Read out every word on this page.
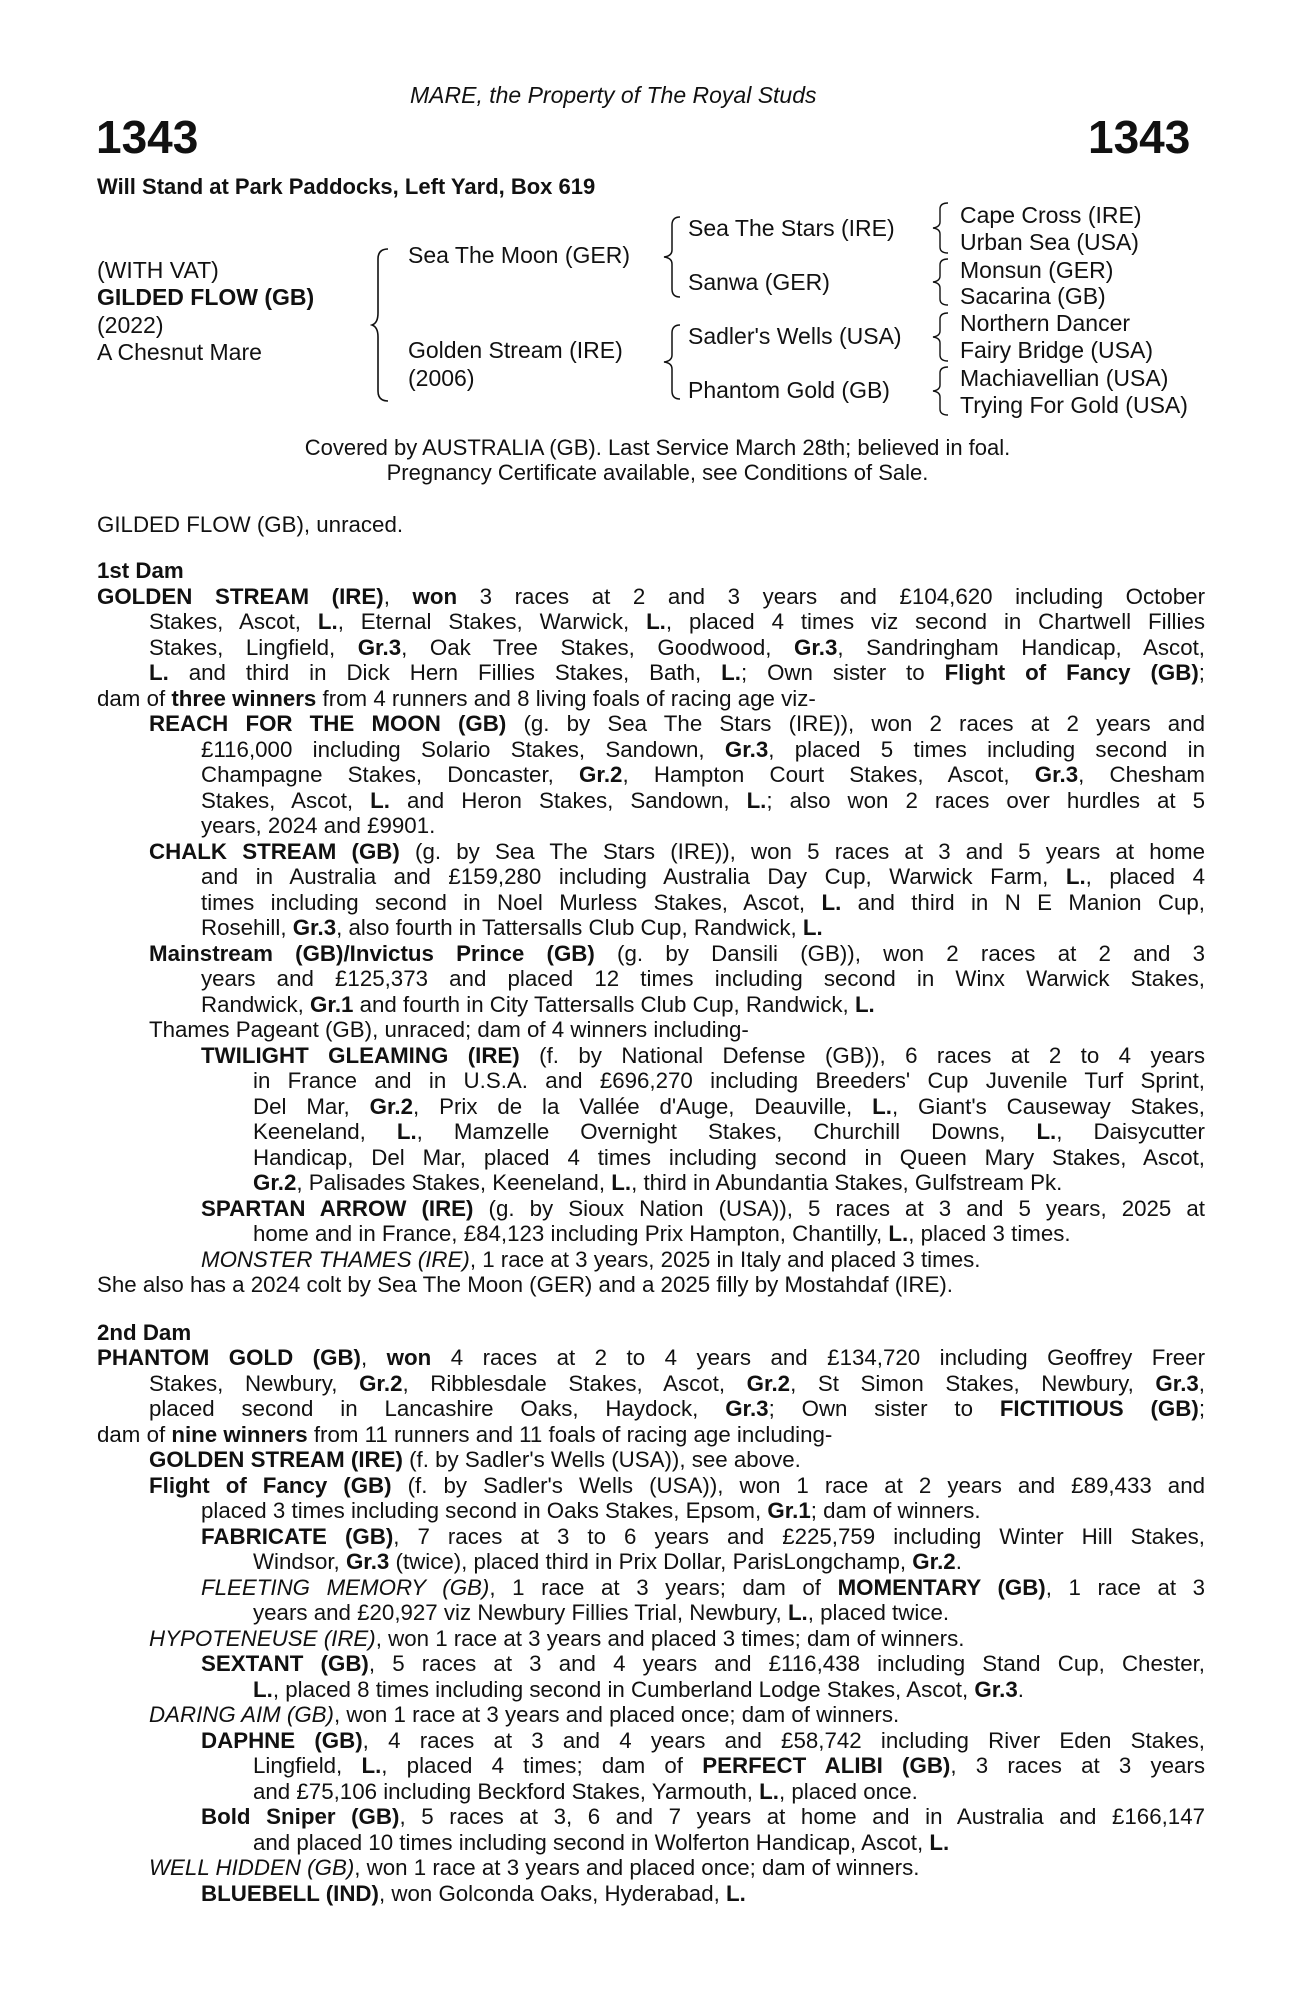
MARE, the Property of The Royal Studs
1343	1343
Will Stand at Park Paddocks, Left Yard, Box 619
(WITH VAT)
GILDED FLOW (GB)
(2022)
A Chesnut Mare
Sea The Moon (GER)
Golden Stream (IRE)
(2006)
Sea The Stars (IRE)
Sanwa (GER)
Sadler's Wells (USA)
Phantom Gold (GB)
Cape Cross (IRE)
Urban Sea (USA)
Monsun (GER)
Sacarina (GB)
Northern Dancer
Fairy Bridge (USA)
Machiavellian (USA)
Trying For Gold (USA)
Covered by AUSTRALIA (GB). Last Service March 28th; believed in foal.
Pregnancy Certificate available, see Conditions of Sale.
GILDED FLOW (GB), unraced.
1st Dam
GOLDEN STREAM (IRE), won 3 races at 2 and 3 years and £104,620 including October
Stakes, Ascot, L., Eternal Stakes, Warwick, L., placed 4 times viz second in Chartwell Fillies
Stakes, Lingfield, Gr.3, Oak Tree Stakes, Goodwood, Gr.3, Sandringham Handicap, Ascot,
L. and third in Dick Hern Fillies Stakes, Bath, L.; Own sister to Flight of Fancy (GB);
dam of three winners from 4 runners and 8 living foals of racing age viz-
REACH FOR THE MOON (GB) (g. by Sea The Stars (IRE)), won 2 races at 2 years and
£116,000 including Solario Stakes, Sandown, Gr.3, placed 5 times including second in
Champagne Stakes, Doncaster, Gr.2, Hampton Court Stakes, Ascot, Gr.3, Chesham
Stakes, Ascot, L. and Heron Stakes, Sandown, L.; also won 2 races over hurdles at 5
years, 2024 and £9901.
CHALK STREAM (GB) (g. by Sea The Stars (IRE)), won 5 races at 3 and 5 years at home
and in Australia and £159,280 including Australia Day Cup, Warwick Farm, L., placed 4
times including second in Noel Murless Stakes, Ascot, L. and third in N E Manion Cup,
Rosehill, Gr.3, also fourth in Tattersalls Club Cup, Randwick, L.
Mainstream (GB)/Invictus Prince (GB) (g. by Dansili (GB)), won 2 races at 2 and 3
years and £125,373 and placed 12 times including second in Winx Warwick Stakes,
Randwick, Gr.1 and fourth in City Tattersalls Club Cup, Randwick, L.
Thames Pageant (GB), unraced; dam of 4 winners including-
TWILIGHT GLEAMING (IRE) (f. by National Defense (GB)), 6 races at 2 to 4 years
in France and in U.S.A. and £696,270 including Breeders' Cup Juvenile Turf Sprint,
Del Mar, Gr.2, Prix de la Vallée d'Auge, Deauville, L., Giant's Causeway Stakes,
Keeneland, L., Mamzelle Overnight Stakes, Churchill Downs, L., Daisycutter
Handicap, Del Mar, placed 4 times including second in Queen Mary Stakes, Ascot,
Gr.2, Palisades Stakes, Keeneland, L., third in Abundantia Stakes, Gulfstream Pk.
SPARTAN ARROW (IRE) (g. by Sioux Nation (USA)), 5 races at 3 and 5 years, 2025 at
home and in France, £84,123 including Prix Hampton, Chantilly, L., placed 3 times.
MONSTER THAMES (IRE), 1 race at 3 years, 2025 in Italy and placed 3 times.
She also has a 2024 colt by Sea The Moon (GER) and a 2025 filly by Mostahdaf (IRE).
2nd Dam
PHANTOM GOLD (GB), won 4 races at 2 to 4 years and £134,720 including Geoffrey Freer
Stakes, Newbury, Gr.2, Ribblesdale Stakes, Ascot, Gr.2, St Simon Stakes, Newbury, Gr.3,
placed second in Lancashire Oaks, Haydock, Gr.3; Own sister to FICTITIOUS (GB);
dam of nine winners from 11 runners and 11 foals of racing age including-
GOLDEN STREAM (IRE) (f. by Sadler's Wells (USA)), see above.
Flight of Fancy (GB) (f. by Sadler's Wells (USA)), won 1 race at 2 years and £89,433 and
placed 3 times including second in Oaks Stakes, Epsom, Gr.1; dam of winners.
FABRICATE (GB), 7 races at 3 to 6 years and £225,759 including Winter Hill Stakes,
Windsor, Gr.3 (twice), placed third in Prix Dollar, ParisLongchamp, Gr.2.
FLEETING MEMORY (GB), 1 race at 3 years; dam of MOMENTARY (GB), 1 race at 3
years and £20,927 viz Newbury Fillies Trial, Newbury, L., placed twice.
HYPOTENEUSE (IRE), won 1 race at 3 years and placed 3 times; dam of winners.
SEXTANT (GB), 5 races at 3 and 4 years and £116,438 including Stand Cup, Chester,
L., placed 8 times including second in Cumberland Lodge Stakes, Ascot, Gr.3.
DARING AIM (GB), won 1 race at 3 years and placed once; dam of winners.
DAPHNE (GB), 4 races at 3 and 4 years and £58,742 including River Eden Stakes,
Lingfield, L., placed 4 times; dam of PERFECT ALIBI (GB), 3 races at 3 years
and £75,106 including Beckford Stakes, Yarmouth, L., placed once.
Bold Sniper (GB), 5 races at 3, 6 and 7 years at home and in Australia and £166,147
and placed 10 times including second in Wolferton Handicap, Ascot, L.
WELL HIDDEN (GB), won 1 race at 3 years and placed once; dam of winners.
BLUEBELL (IND), won Golconda Oaks, Hyderabad, L.
